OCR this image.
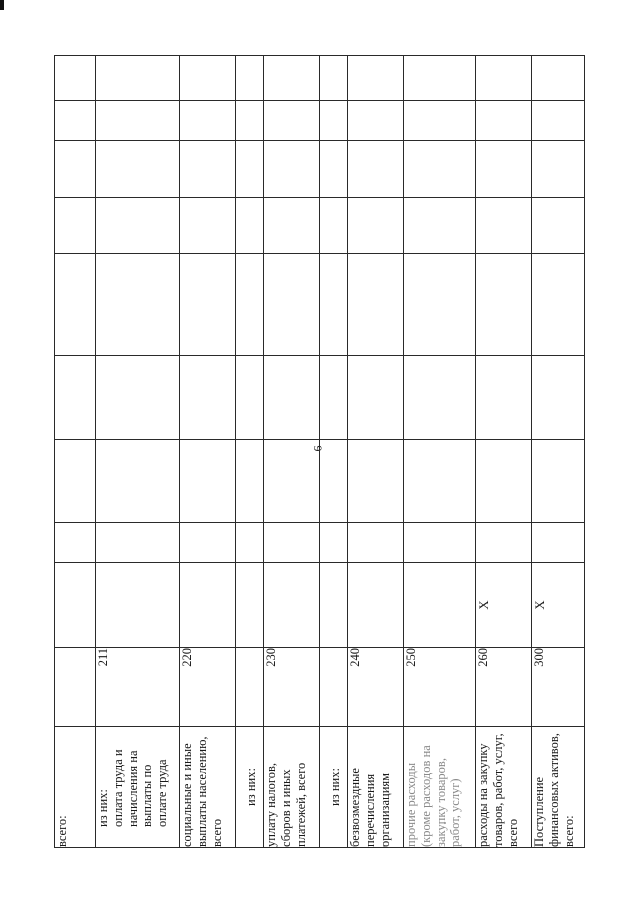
6
всего:										
из них:
оплата труда и начисления на выплаты по оплате труда	211									
социальные и иные выплаты населению, всего	220									
из них:										
уплату налогов, сборов и иных платежей, всего	230									
из них:										
безвозмездные перечисления организациям	240									
прочие расходы (кроме расходов на закупку товаров, работ, услуг)	250									
расходы на закупку товаров, работ, услуг, всего	260	X								
Поступление финансовых активов, всего:	300	X								
